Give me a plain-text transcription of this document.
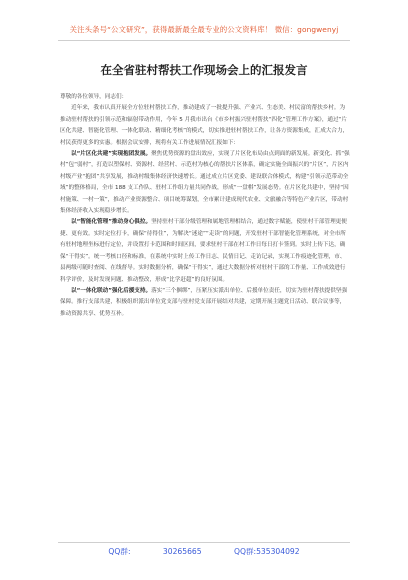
关注头条号“公文研究”，获得最新最全最专业的公文资料库！ 微信：gongwenyj
在全省驻村帮扶工作现场会上的汇报发言

尊敬的各位领导，同志们：

近年来，我市认真开展全方位驻村帮扶工作，推动建成了一批提升强、产业兴、生态美、村民富的帮扶乡村。为推动驻村帮扶的引领示范和辐射带动作用，今年 5 月我市出台《市乡村振兴驻村帮扶“四化”管理工作方案》，通过“片区化共建、智能化管理、一体化联动、精细化考核”的模式，切实推进驻村帮扶工作，让各方资源集成，汇成大合力，村民获得更多的实惠。根据会议安排，现将有关工作进展情况汇报如下：

以“片区化共建”实现抱团发展。聚焦优势资源的盘出效应，实现了片区化布局由点到面的新发展。新变化、抓“强村”包“弱村”，打造以塑保村、资源村、经营村、示范村为核心的帮扶片区体系，确定实施全面振兴的“片区”，片区内村级产业“抱团”共享发展，推动村级集体经济快速增长。通过成立片区党委、建设联合体模式，构建“引领示范带动全域”的整体格局，全市 188 支工作队、驻村工作组力量共同作战，形成“一盘棋”发展态势。在片区化共建中，坚持“因村施策、一村一策”，推动产业资源整合、项目统筹谋划，全市累计建成现代农业、文旅融合等特色产业片区，带动村集体经济收入实现稳步增长。

以“智能化管理”推动身心俱拉。坚持驻村干部分级管理和属地管理相结合，通过数字赋能，使驻村干部管理更便捷、更有效。实时定位打卡，确保“待得住”，为解决“迷途”“走读”的问题，开发驻村干部智能化管理系统，对全市所有驻村地理坐标进行定位，并设置打卡范围和时间区间，要求驻村干部在村工作日每日打卡签到。实时上传下达，确保“干得实”。统一考核口径和标准，在系统中实时上传工作日志、民情日记、走访记录，实现工作痕迹化管理，市、县两级可随时查阅、在线督导。实时数据分析，确保“干得实”，通过大数据分析对驻村干部的工作量、工作成效进行科学评价，及时发现问题、推动整改，形成“比学赶超”的良好氛围。

以“一体化联动”强化后援支持。落实“三个捆绑”，压紧压实派出单位、后援单位责任，切实为驻村帮扶提供坚强保障。推行支部共建，积极组织派出单位党支部与驻村党支部开展结对共建，定期开展主题党日活动、联合议事等，推动资源共享、优势互补。

QQ群: 30265665 QQ群:535304092
